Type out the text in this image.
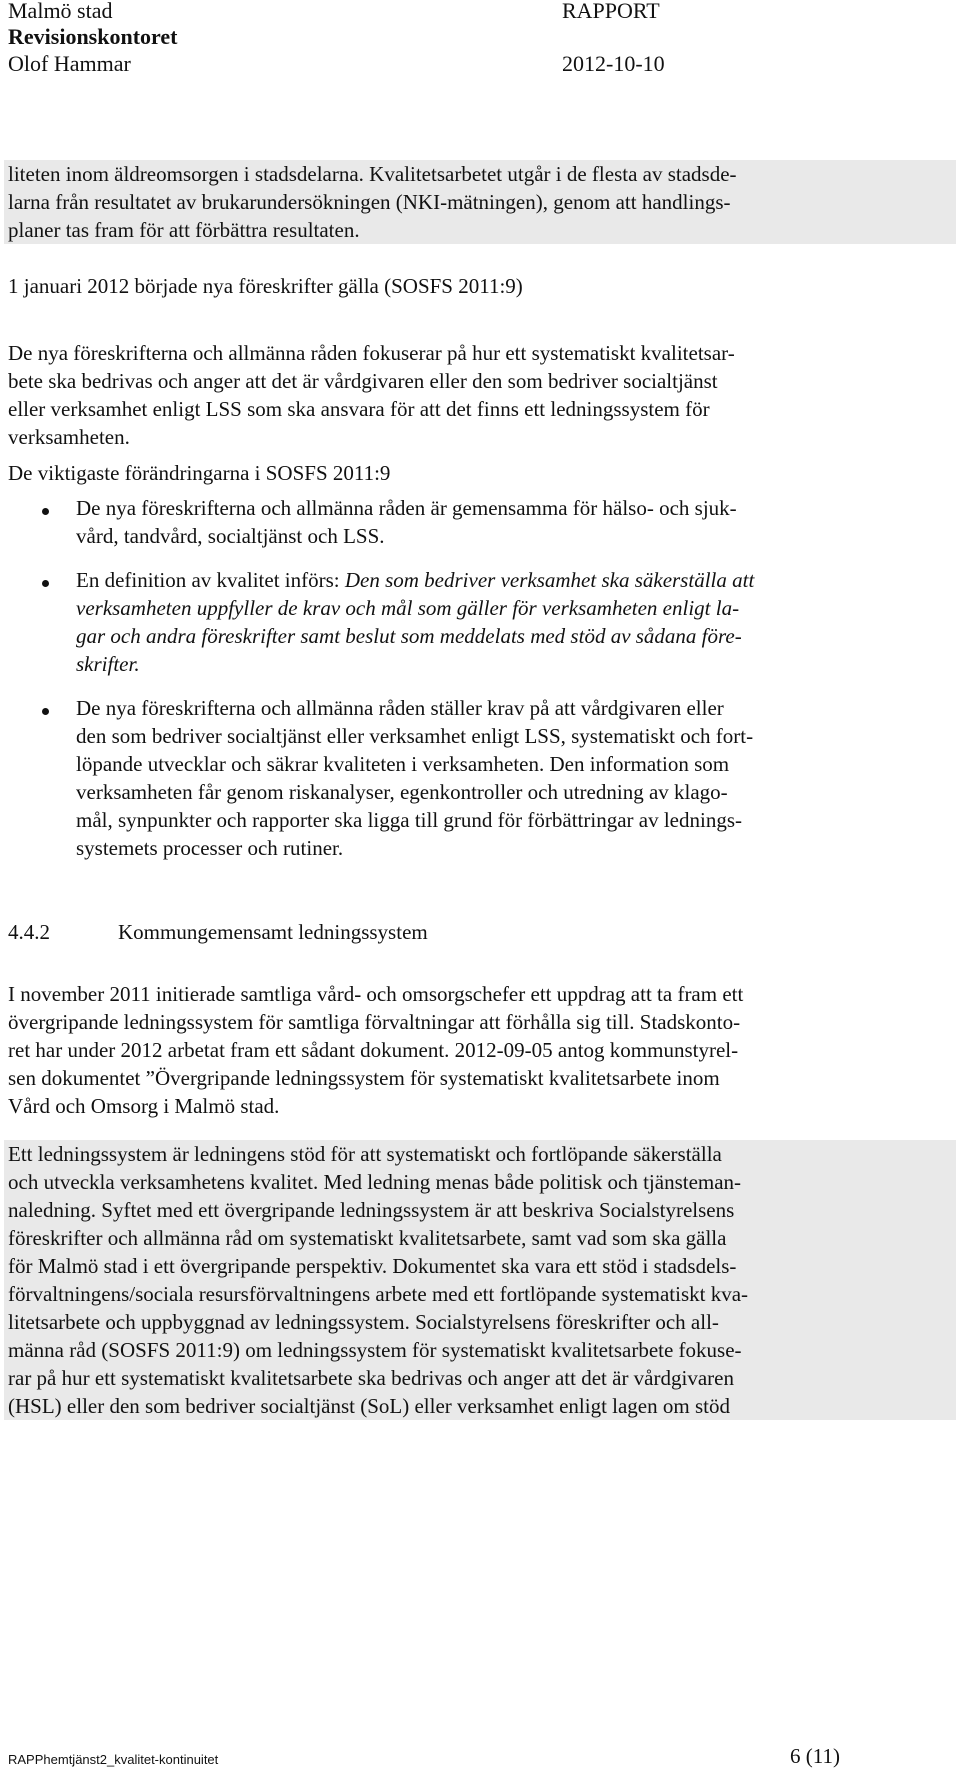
Malmö stad
Revisionskontoret
Olof Hammar
RAPPORT
2012-10-10
liteten inom äldreomsorgen i stadsdelarna. Kvalitetsarbetet utgår i de flesta av stadsde-
larna från resultatet av brukarundersökningen (NKI-mätningen), genom att handlings-
planer tas fram för att förbättra resultaten.
1 januari 2012 började nya föreskrifter gälla (SOSFS 2011:9)
De nya föreskrifterna och allmänna råden fokuserar på hur ett systematiskt kvalitetsar-
bete ska bedrivas och anger att det är vårdgivaren eller den som bedriver socialtjänst
eller verksamhet enligt LSS som ska ansvara för att det finns ett ledningssystem för
verksamheten.
De viktigaste förändringarna i SOSFS 2011:9
De nya föreskrifterna och allmänna råden är gemensamma för hälso- och sjuk-
vård, tandvård, socialtjänst och LSS.
En definition av kvalitet införs: Den som bedriver verksamhet ska säkerställa att
verksamheten uppfyller de krav och mål som gäller för verksamheten enligt la-
gar och andra föreskrifter samt beslut som meddelats med stöd av sådana före-
skrifter.
De nya föreskrifterna och allmänna råden ställer krav på att vårdgivaren eller
den som bedriver socialtjänst eller verksamhet enligt LSS, systematiskt och fort-
löpande utvecklar och säkrar kvaliteten i verksamheten. Den information som
verksamheten får genom riskanalyser, egenkontroller och utredning av klago-
mål, synpunkter och rapporter ska ligga till grund för förbättringar av lednings-
systemets processer och rutiner.
4.4.2	Kommungemensamt ledningssystem
I november 2011 initierade samtliga vård- och omsorgschefer ett uppdrag att ta fram ett
övergripande ledningssystem för samtliga förvaltningar att förhålla sig till. Stadskonto-
ret har under 2012 arbetat fram ett sådant dokument. 2012-09-05 antog kommunstyrel-
sen dokumentet ”Övergripande ledningssystem för systematiskt kvalitetsarbete inom
Vård och Omsorg i Malmö stad.
Ett ledningssystem är ledningens stöd för att systematiskt och fortlöpande säkerställa
och utveckla verksamhetens kvalitet. Med ledning menas både politisk och tjänsteman-
naledning. Syftet med ett övergripande ledningssystem är att beskriva Socialstyrelsens
föreskrifter och allmänna råd om systematiskt kvalitetsarbete, samt vad som ska gälla
för Malmö stad i ett övergripande perspektiv. Dokumentet ska vara ett stöd i stadsdels-
förvaltningens/sociala resursförvaltningens arbete med ett fortlöpande systematiskt kva-
litetsarbete och uppbyggnad av ledningssystem. Socialstyrelsens föreskrifter och all-
männa råd (SOSFS 2011:9) om ledningssystem för systematiskt kvalitetsarbete fokuse-
rar på hur ett systematiskt kvalitetsarbete ska bedrivas och anger att det är vårdgivaren
(HSL) eller den som bedriver socialtjänst (SoL) eller verksamhet enligt lagen om stöd
RAPPhemtjänst2_kvalitet-kontinuitet	6 (11)
